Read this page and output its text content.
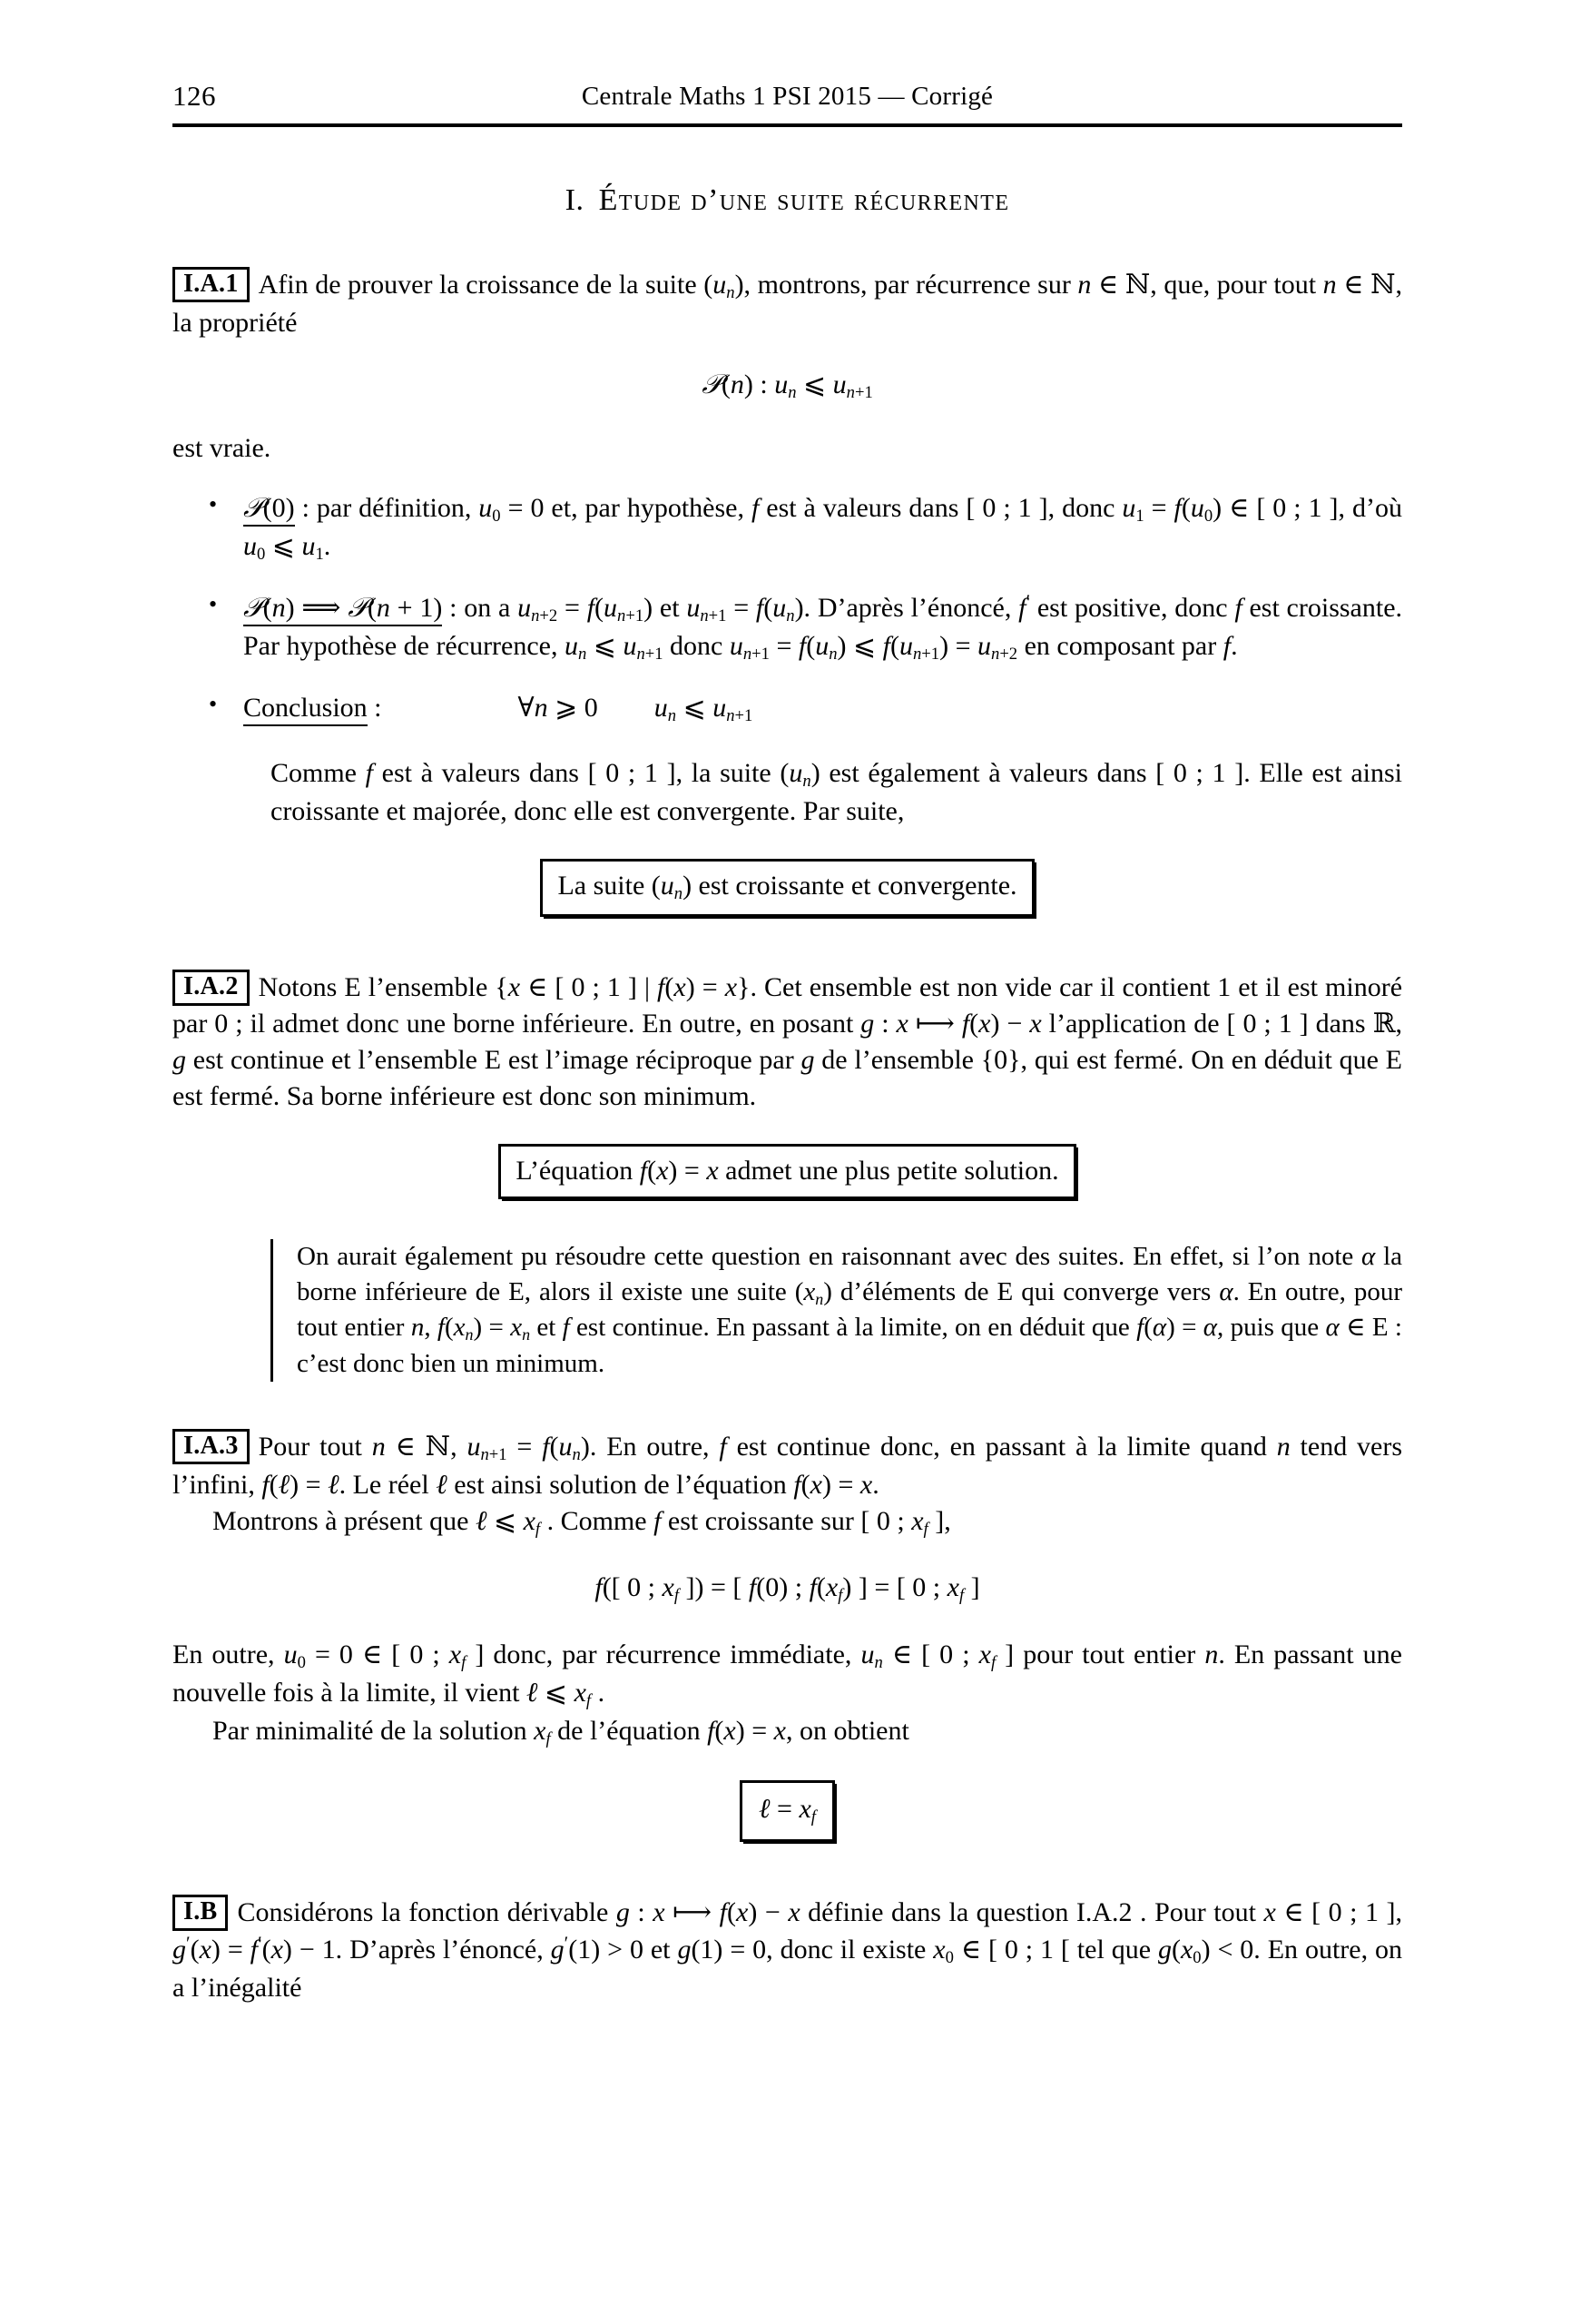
126	Centrale Maths 1 PSI 2015 — Corrigé
I. Étude d’une suite récurrente

I.A.1 Afin de prouver la croissance de la suite $(u_n)$, montrons, par récurrence sur n ∈ ℕ, que, pour tout n ∈ ℕ, la propriété

𝒫(n) : $u_n$ ⩽ $u_{n+1}$

est vraie.

• 𝒫(0) : par définition, $u_0 = 0$ et, par hypothèse, f est à valeurs dans [ 0 ; 1 ], donc $u_1 = f(u_0)$ ∈ [ 0 ; 1 ], d’où $u_0$ ⩽ $u_1$.
• 𝒫(n) ⟹ 𝒫(n + 1) : on a $u_{n+2} = f(u_{n+1})$ et $u_{n+1} = f(u_n)$. D’après l’énoncé, f′ est positive, donc f est croissante. Par hypothèse de récurrence, $u_n$ ⩽ $u_{n+1}$ donc $u_{n+1} = f(u_n)$ ⩽ $f(u_{n+1}) = u_{n+2}$ en composant par f.
• Conclusion :	∀n ⩾ 0 $u_n$ ⩽ $u_{n+1}$

Comme f est à valeurs dans [ 0 ; 1 ], la suite $(u_n)$ est également à valeurs dans [ 0 ; 1 ]. Elle est ainsi croissante et majorée, donc elle est convergente. Par suite,

La suite $(u_n)$ est croissante et convergente.

I.A.2 Notons E l’ensemble {x ∈ [ 0 ; 1 ] | f(x) = x}. Cet ensemble est non vide car il contient 1 et il est minoré par 0 ; il admet donc une borne inférieure. En outre, en posant g : x ⟼ f(x) − x l’application de [ 0 ; 1 ] dans ℝ, g est continue et l’ensemble E est l’image réciproque par g de l’ensemble {0}, qui est fermé. On en déduit que E est fermé. Sa borne inférieure est donc son minimum.

L’équation f(x) = x admet une plus petite solution.

On aurait également pu résoudre cette question en raisonnant avec des suites. En effet, si l’on note α la borne inférieure de E, alors il existe une suite $(x_n)$ d’éléments de E qui converge vers α. En outre, pour tout entier n, $f(x_n) = x_n$ et f est continue. En passant à la limite, on en déduit que f(α) = α, puis que α ∈ E : c’est donc bien un minimum.

I.A.3 Pour tout n ∈ ℕ, $u_{n+1} = f(u_n)$. En outre, f est continue donc, en passant à la limite quand n tend vers l’infini, f(ℓ) = ℓ. Le réel ℓ est ainsi solution de l’équation f(x) = x.

Montrons à présent que ℓ ⩽ $x_f$ . Comme f est croissante sur [ 0 ; $x_f$ ],

f([ 0 ; $x_f$ ]) = [ f(0) ; $f(x_f)$ ] = [ 0 ; $x_f$ ]

En outre, $u_0 = 0$ ∈ [ 0 ; $x_f$ ] donc, par récurrence immédiate, $u_n$ ∈ [ 0 ; $x_f$ ] pour tout entier n. En passant une nouvelle fois à la limite, il vient ℓ ⩽ $x_f$ .

Par minimalité de la solution $x_f$ de l’équation f(x) = x, on obtient

ℓ = $x_f$

I.B Considérons la fonction dérivable g : x ⟼ f(x) − x définie dans la question I.A.2 . Pour tout x ∈ [ 0 ; 1 ], g′(x) = f′(x) − 1. D’après l’énoncé, g′(1) > 0 et g(1) = 0, donc il existe $x_0$ ∈ [ 0 ; 1 [ tel que $g(x_0) < 0$. En outre, on a l’inégalité
